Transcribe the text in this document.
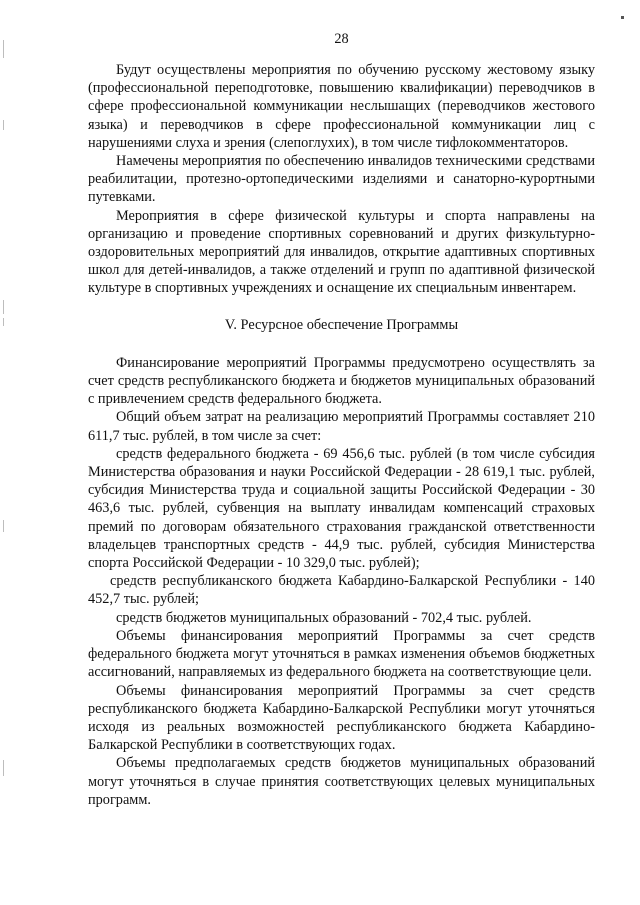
28

Будут осуществлены мероприятия по обучению русскому жестовому языку (профессиональной переподготовке, повышению квалификации) переводчиков в сфере профессиональной коммуникации неслышащих (переводчиков жестового языка) и переводчиков в сфере профессиональной коммуникации лиц с нарушениями слуха и зрения (слепоглухих), в том числе тифлокомментаторов.

Намечены мероприятия по обеспечению инвалидов техническими средствами реабилитации, протезно-ортопедическими изделиями и санаторно-курортными путевками.

Мероприятия в сфере физической культуры и спорта направлены на организацию и проведение спортивных соревнований и других физкультурно-оздоровительных мероприятий для инвалидов, открытие адаптивных спортивных школ для детей-инвалидов, а также отделений и групп по адаптивной физической культуре в спортивных учреждениях и оснащение их специальным инвентарем.

V. Ресурсное обеспечение Программы

Финансирование мероприятий Программы предусмотрено осуществлять за счет средств республиканского бюджета и бюджетов муниципальных образований с привлечением средств федерального бюджета.

Общий объем затрат на реализацию мероприятий Программы составляет 210 611,7 тыс. рублей, в том числе за счет:

средств федерального бюджета - 69 456,6 тыс. рублей (в том числе субсидия Министерства образования и науки Российской Федерации - 28 619,1 тыс. рублей, субсидия Министерства труда и социальной защиты Российской Федерации - 30 463,6 тыс. рублей, субвенция на выплату инвалидам компенсаций страховых премий по договорам обязательного страхования гражданской ответственности владельцев транспортных средств - 44,9 тыс. рублей, субсидия Министерства спорта Российской Федерации - 10 329,0 тыс. рублей);

средств республиканского бюджета Кабардино-Балкарской Республики - 140 452,7 тыс. рублей;

средств бюджетов муниципальных образований - 702,4 тыс. рублей.

Объемы финансирования мероприятий Программы за счет средств федерального бюджета могут уточняться в рамках изменения объемов бюджетных ассигнований, направляемых из федерального бюджета на соответствующие цели.

Объемы финансирования мероприятий Программы за счет средств республиканского бюджета Кабардино-Балкарской Республики могут уточняться исходя из реальных возможностей республиканского бюджета Кабардино-Балкарской Республики в соответствующих годах.

Объемы предполагаемых средств бюджетов муниципальных образований могут уточняться в случае принятия соответствующих целевых муниципальных программ.
